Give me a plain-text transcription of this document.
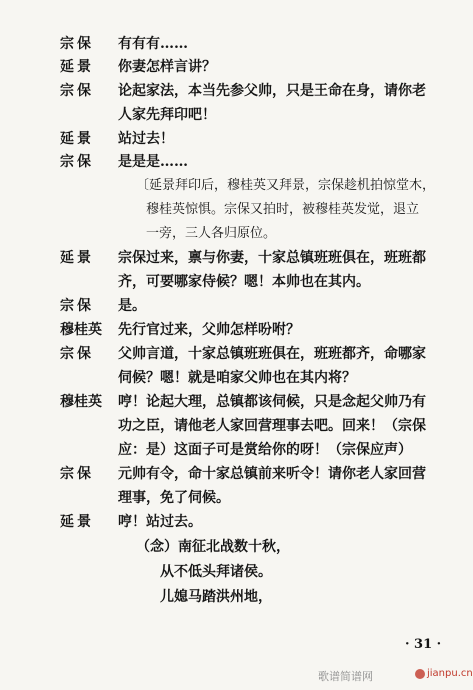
宗保	有有有……
延景	你妻怎样言讲？
宗保	论起家法，本当先参父帅，只是王命在身，请你老
人家先拜印吧！
延景	站过去！
宗保	是是是……
〔延景拜印后，穆桂英又拜景，宗保趁机拍惊堂木，
穆桂英惊惧。宗保又拍时，被穆桂英发觉，退立
一旁，三人各归原位。
延景	宗保过来，禀与你妻，十家总镇班班俱在，班班都
齐，可要哪家侍候？嗯！本帅也在其内。
宗保	是。
穆桂英	先行官过来，父帅怎样吩咐？
宗保	父帅言道，十家总镇班班俱在，班班都齐，命哪家
伺候？嗯！就是咱家父帅也在其内将？
穆桂英	哼！论起大理，总镇都该伺候，只是念起父帅乃有
功之臣，请他老人家回营理事去吧。回来！（宗保
应：是）这面子可是赏给你的呀！（宗保应声）
宗保	元帅有令，命十家总镇前来听令！请你老人家回营
理事，免了伺候。
延景	哼！站过去。
（念）南征北战数十秋，
从不低头拜诸侯。
儿媳马踏洪州地，
· 31 ·
歌谱简谱网	jianpu.cn
